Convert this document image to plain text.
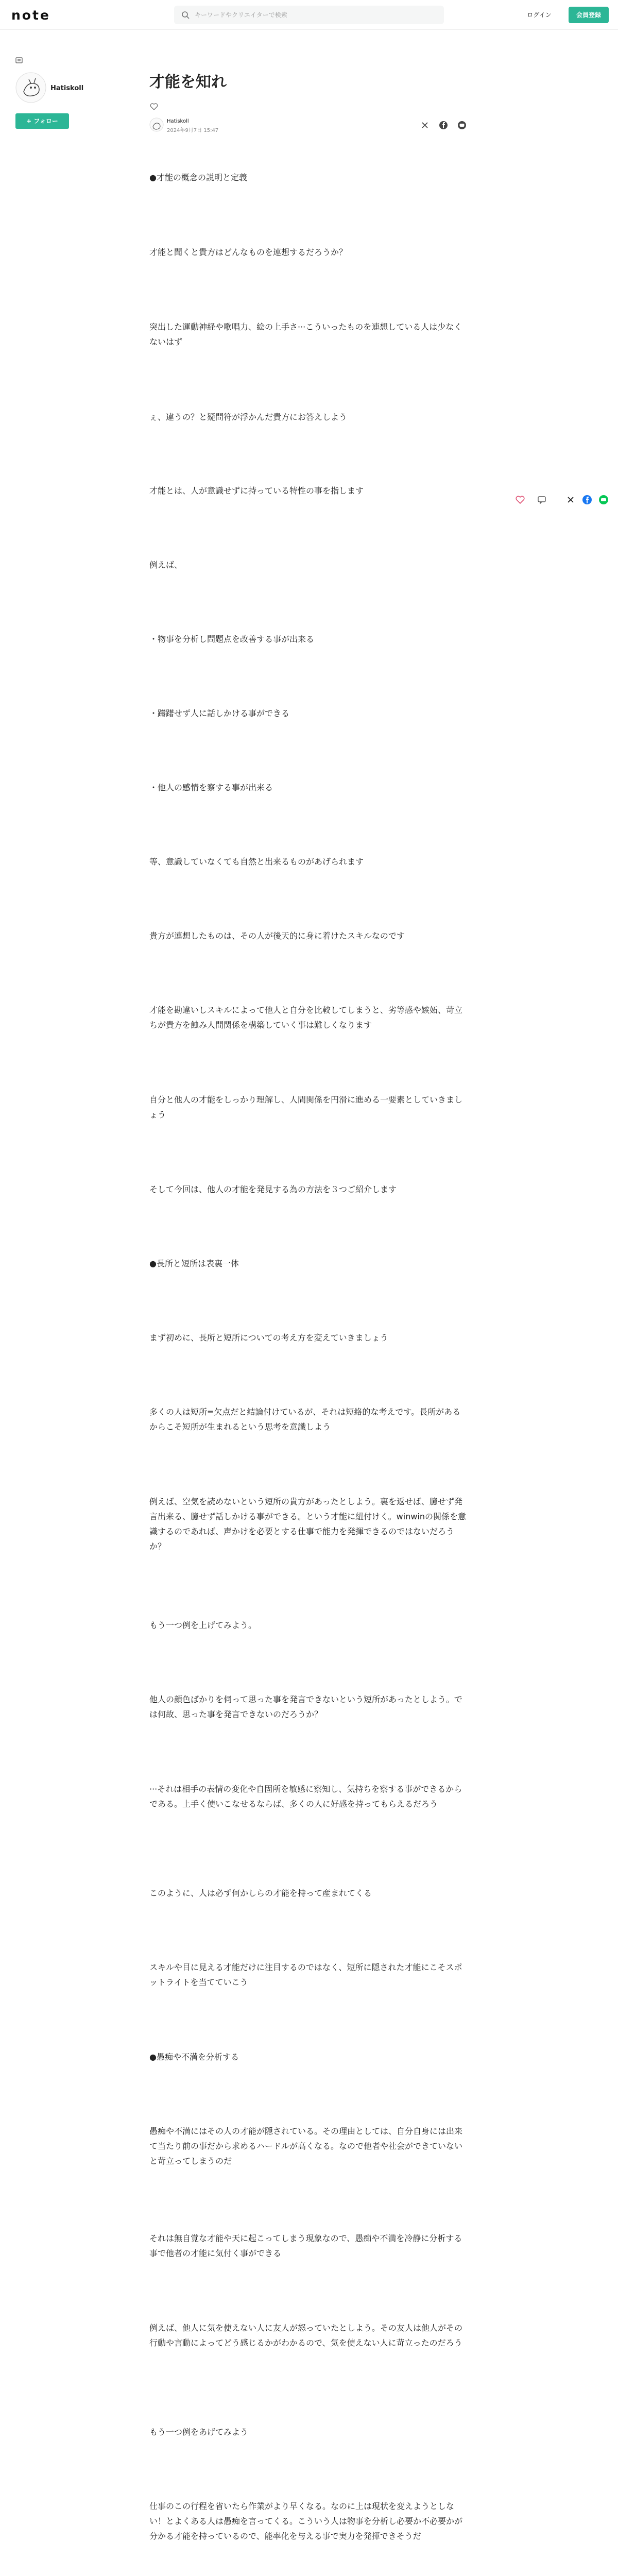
note
キーワードやクリエイターで検索	ログイン	会員登録
Hatiskoll
+ フォロー
才能を知れ
Hatiskoll
2024年9月7日 15:47

●才能の概念の説明と定義

才能と聞くと貴方はどんなものを連想するだろうか？

突出した運動神経や歌唱力、絵の上手さ···こういったものを連想している人は少なくないはず

ぇ、違うの？と疑問符が浮かんだ貴方にお答えしよう

才能とは、人が意識せずに持っている特性の事を指します

例えば、

・物事を分析し問題点を改善する事が出来る

・躊躇せず人に話しかける事ができる

・他人の感情を察する事が出来る

等、意識していなくても自然と出来るものがあげられます

貴方が連想したものは、その人が後天的に身に着けたスキルなのです

才能を勘違いしスキルによって他人と自分を比較してしまうと、劣等感や嫉妬、苛立ちが貴方を蝕み人間関係を構築していく事は難しくなります

自分と他人の才能をしっかり理解し、人間関係を円滑に進める一要素としていきましょう

そして今回は、他人の才能を発見する為の方法を３つご紹介します

●長所と短所は表裏一体

まず初めに、長所と短所についての考え方を変えていきましょう

多くの人は短所=欠点だと結論付けているが、それは短絡的な考えです。長所があるからこそ短所が生まれるという思考を意識しよう

例えば、空気を読めないという短所の貴方があったとしよう。裏を返せば、臆せず発言出来る、臆せず話しかける事ができる。という才能に紐付けく。winwinの関係を意識するのであれば、声かけを必要とする仕事で能力を発揮できるのではないだろうか？

もう一つ例を上げてみよう。

他人の顔色ばかりを伺って思った事を発言できないという短所があったとしよう。では何故、思った事を発言できないのだろうか？

···それは相手の表情の変化や自固所を敏感に察知し、気持ちを察する事ができるからである。上手く使いこなせるならば、多くの人に好感を持ってもらえるだろう

このように、人は必ず何かしらの才能を持って産まれてくる

スキルや目に見える才能だけに注目するのではなく、短所に隠された才能にこそスポットライトを当てていこう

●愚痴や不満を分析する

愚痴や不満にはその人の才能が隠されている。その理由としては、自分自身には出来て当たり前の事だから求めるハードルが高くなる。なので他者や社会ができていないと苛立ってしまうのだ

それは無自覚な才能や天に起こってしまう現象なので、愚痴や不満を冷静に分析する事で他者の才能に気付く事ができる

例えば、他人に気を使えない人に友人が怒っていたとしよう。その友人は他人がその行動や言動によってどう感じるかがわかるので、気を使えない人に苛立ったのだろう

もう一つ例をあげてみよう

仕事のこの行程を省いたら作業がより早くなる。なのに上は現状を変えようとしない！とよくある人は愚痴を言ってくる。こういう人は物事を分析し必要か不必要かが分かる才能を持っているので、能率化を与える事で実力を発揮できそうだ
